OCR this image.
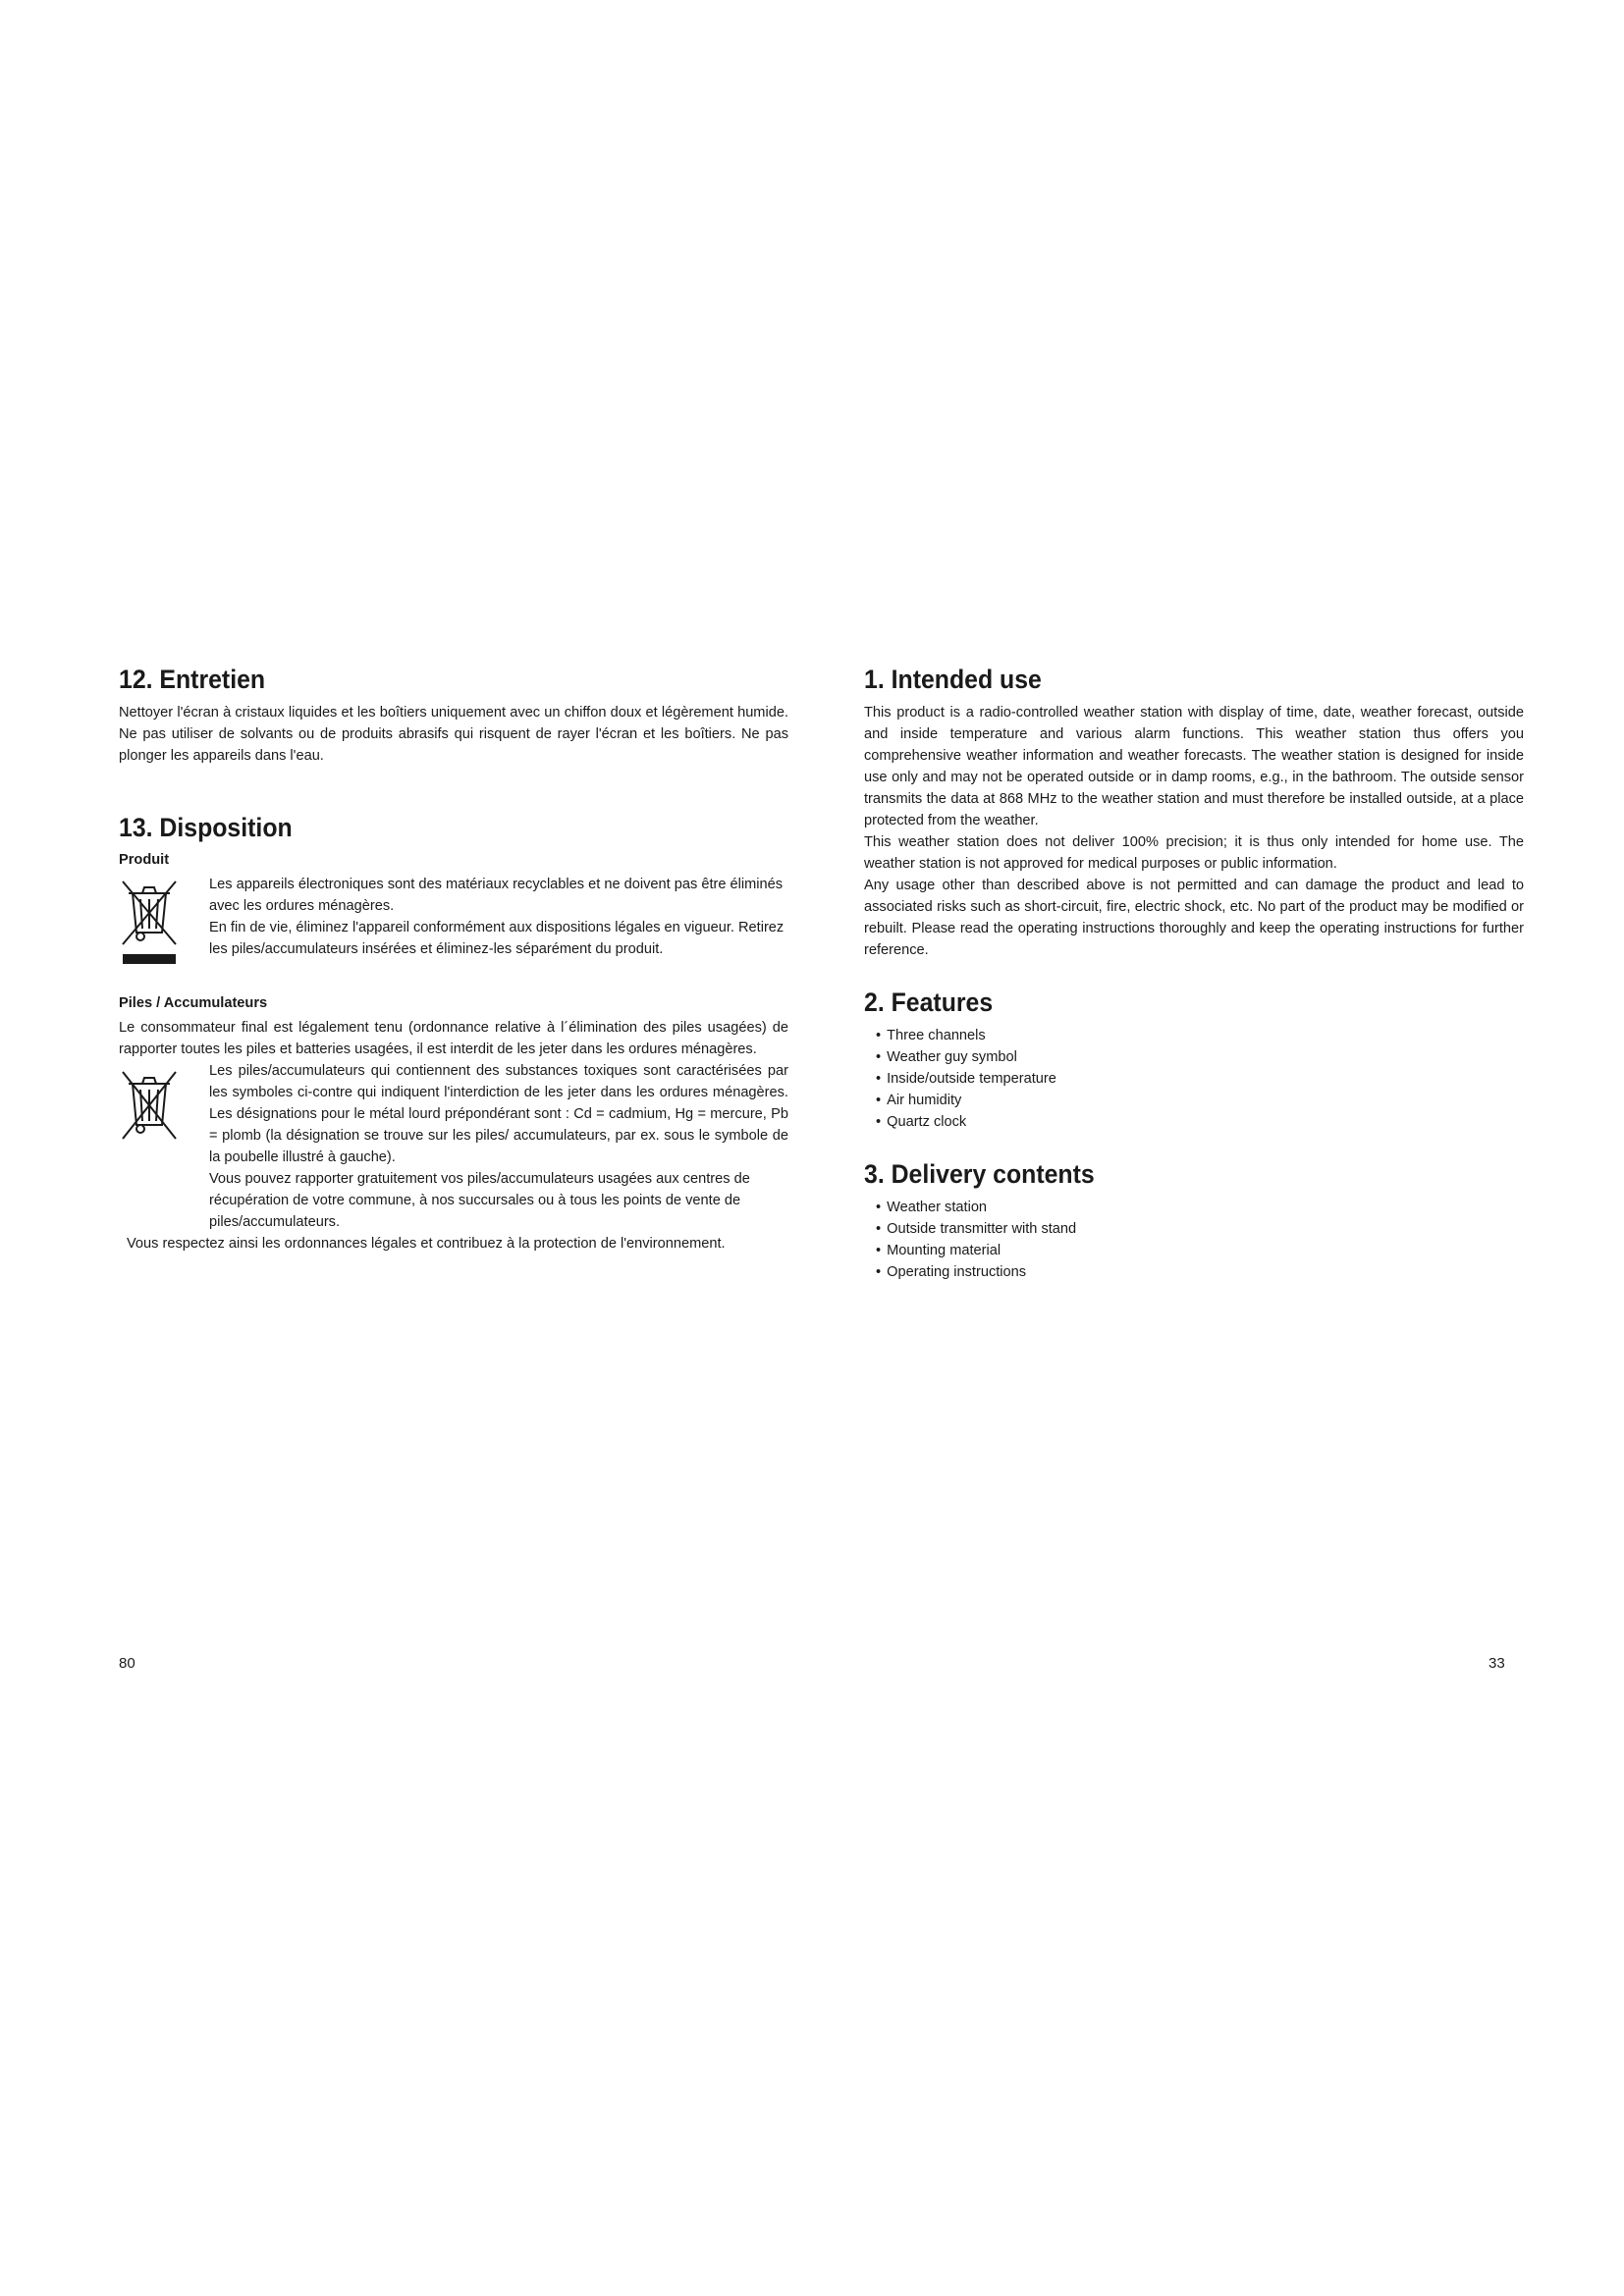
12. Entretien

Nettoyer l'écran à cristaux liquides et les boîtiers uniquement avec un chiffon doux et légèrement humide. Ne pas utiliser de solvants ou de produits abrasifs qui risquent de rayer l'écran et les boîtiers. Ne pas plonger les appareils dans l'eau.

13. Disposition
Produit

Les appareils électroniques sont des matériaux recyclables et ne doivent pas être éliminés avec les ordures ménagères.

En fin de vie, éliminez l'appareil conformément aux dispositions légales en vigueur. Retirez les piles/accumulateurs insérées et éliminez-les séparément du produit.

Piles / Accumulateurs

Le consommateur final est légalement tenu (ordonnance relative à l´élimination des piles usagées) de rapporter toutes les piles et batteries usagées, il est interdit de les jeter dans les ordures ménagères.

Les piles/accumulateurs qui contiennent des substances toxiques sont caractérisées par les symboles ci-contre qui indiquent l'interdiction de les jeter dans les ordures ménagères. Les désignations pour le métal lourd prépondérant sont : Cd = cadmium, Hg = mercure, Pb = plomb (la désignation se trouve sur les piles/ accumulateurs, par ex. sous le symbole de la poubelle illustré à gauche).

Vous pouvez rapporter gratuitement vos piles/accumulateurs usagées aux centres de récupération de votre commune, à nos succursales ou à tous les points de vente de piles/accumulateurs.

Vous respectez ainsi les ordonnances légales et contribuez à la protection de l'environnement.

1. Intended use

This product is a radio-controlled weather station with display of time, date, weather forecast, outside and inside temperature and various alarm functions. This weather station thus offers you comprehensive weather information and weather forecasts. The weather station is designed for inside use only and may not be operated outside or in damp rooms, e.g., in the bathroom. The outside sensor transmits the data at 868 MHz to the weather station and must therefore be installed outside, at a place protected from the weather.

This weather station does not deliver 100% precision; it is thus only intended for home use. The weather station is not approved for medical purposes or public information.

Any usage other than described above is not permitted and can damage the product and lead to associated risks such as short-circuit, fire, electric shock, etc. No part of the product may be modified or rebuilt. Please read the operating instructions thoroughly and keep the operating instructions for further reference.

2. Features
• Three channels
• Weather guy symbol
• Inside/outside temperature
• Air humidity
• Quartz clock
3. Delivery contents
• Weather station
• Outside transmitter with stand
• Mounting material
• Operating instructions
80	33
